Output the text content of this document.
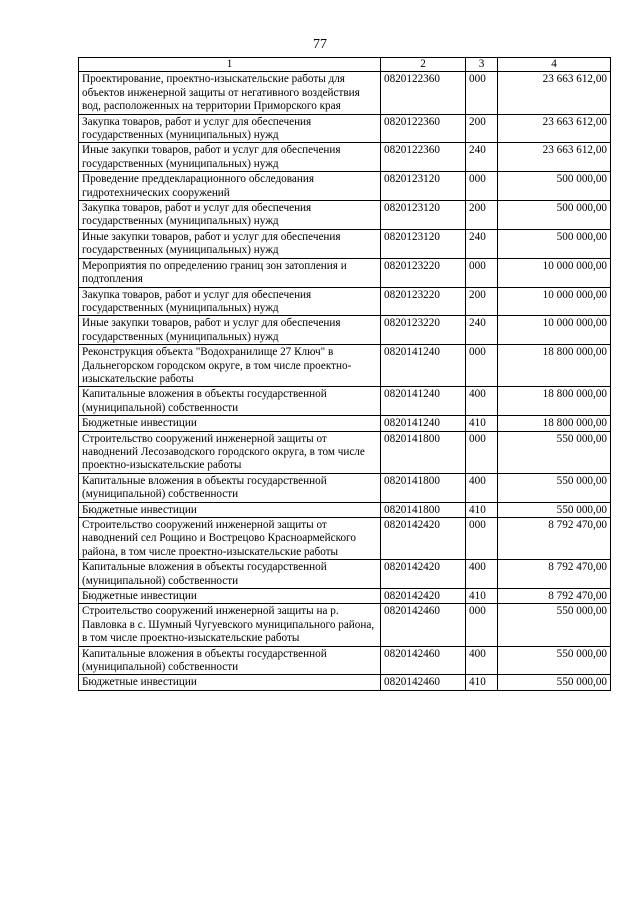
77
1	2	3	4
Проектирование, проектно-изыскательские работы для объектов инженерной защиты от негативного воздействия вод, расположенных на территории Приморского края	0820122360	000	23 663 612,00
Закупка товаров, работ и услуг для обеспечения государственных (муниципальных) нужд	0820122360	200	23 663 612,00
Иные закупки товаров, работ и услуг для обеспечения государственных (муниципальных) нужд	0820122360	240	23 663 612,00
Проведение преддекларационного обследования гидротехнических сооружений	0820123120	000	500 000,00
Закупка товаров, работ и услуг для обеспечения государственных (муниципальных) нужд	0820123120	200	500 000,00
Иные закупки товаров, работ и услуг для обеспечения государственных (муниципальных) нужд	0820123120	240	500 000,00
Мероприятия по определению границ зон затопления и подтопления	0820123220	000	10 000 000,00
Закупка товаров, работ и услуг для обеспечения государственных (муниципальных) нужд	0820123220	200	10 000 000,00
Иные закупки товаров, работ и услуг для обеспечения государственных (муниципальных) нужд	0820123220	240	10 000 000,00
Реконструкция объекта "Водохранилище 27 Ключ" в Дальнегорском городском округе, в том числе проектно-изыскательские работы	0820141240	000	18 800 000,00
Капитальные вложения в объекты государственной (муниципальной) собственности	0820141240	400	18 800 000,00
Бюджетные инвестиции	0820141240	410	18 800 000,00
Строительство сооружений инженерной защиты от наводнений Лесозаводского городского округа, в том числе проектно-изыскательские работы	0820141800	000	550 000,00
Капитальные вложения в объекты государственной (муниципальной) собственности	0820141800	400	550 000,00
Бюджетные инвестиции	0820141800	410	550 000,00
Строительство сооружений инженерной защиты от наводнений сел Рощино и Вострецово Красноармейского района, в том числе проектно-изыскательские работы	0820142420	000	8 792 470,00
Капитальные вложения в объекты государственной (муниципальной) собственности	0820142420	400	8 792 470,00
Бюджетные инвестиции	0820142420	410	8 792 470,00
Строительство сооружений инженерной защиты на р. Павловка в с. Шумный Чугуевского муниципального района, в том числе проектно-изыскательские работы	0820142460	000	550 000,00
Капитальные вложения в объекты государственной (муниципальной) собственности	0820142460	400	550 000,00
Бюджетные инвестиции	0820142460	410	550 000,00
